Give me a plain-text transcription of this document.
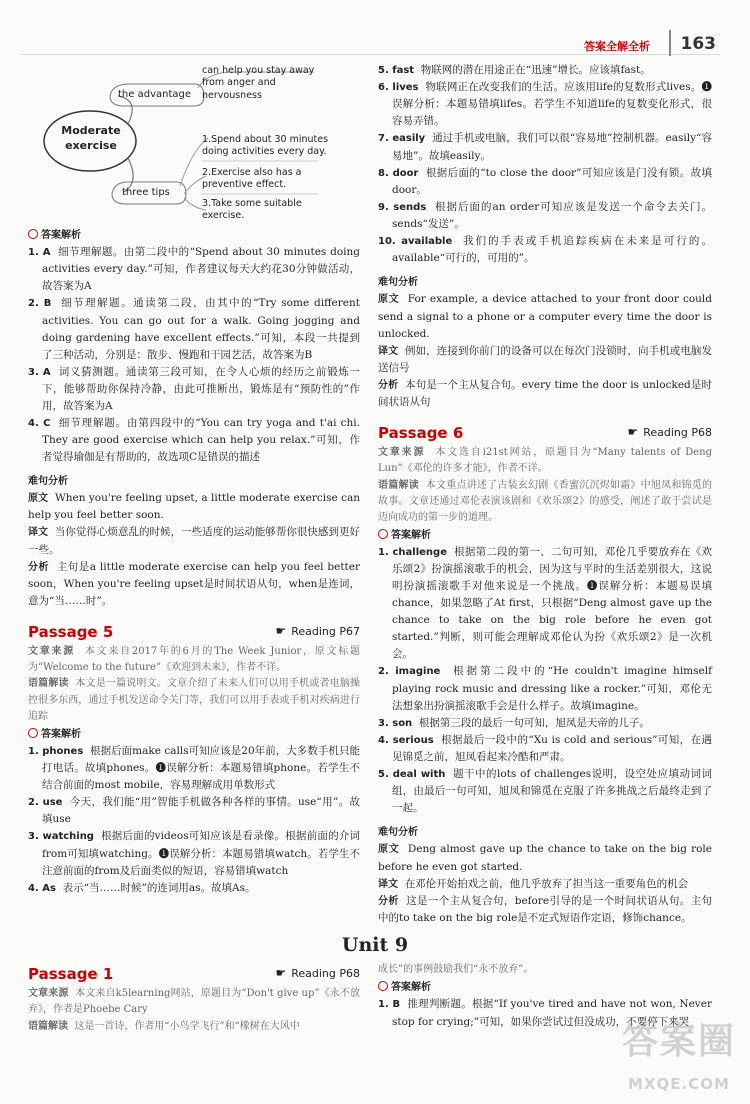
答案全解全析 163
Moderate exercise
the advantage
can help you stay away from anger and nervousness
three tips
1.Spend about 30 minutes doing activities every day.
2.Exercise also has a preventive effect.
3.Take some suitable exercise.
答案解析
1. A 细节理解题。由第二段中的“Spend about 30 minutes doing activities every day.”可知，作者建议每天大约花30分钟做活动，故答案为A
2. B 细节理解题。通读第二段，由其中的“Try some different activities. You can go out for a walk. Going jogging and doing gardening have excellent effects.”可知，本段一共提到了三种活动，分别是：散步、慢跑和干园艺活，故答案为B
3. A 词义猜测题。通读第三段可知，在令人心烦的经历之前锻炼一下，能够帮助你保持冷静，由此可推断出，锻炼是有“预防性的”作用，故答案为A
4. C 细节理解题。由第四段中的“You can try yoga and t'ai chi. They are good exercise which can help you relax.”可知，作者觉得瑜伽是有帮助的，故选项C是错误的描述
难句分析
原文 When you're feeling upset, a little moderate exercise can help you feel better soon.
译文 当你觉得心烦意乱的时候，一些适度的运动能够帮你很快感到更好一些。
分析 主句是a little moderate exercise can help you feel better soon，When you're feeling upset是时间状语从句，when是连词，意为“当……时”。
Passage 5	☛ Reading P67
文章来源 本文来自2017年的6月的The Week Junior，原文标题为“Welcome to the future”《欢迎到未来》，作者不详。
语篇解读 本文是一篇说明文。文章介绍了未来人们可以用手机或者电脑操控很多东西，通过手机发送命令关门等，我们可以用手表或手机对疾病进行追踪
答案解析
1. phones 根据后面make calls可知应该是20年前，大多数手机只能打电话。故填phones。❶误解分析：本题易错填phone。若学生不结合前面的most mobile，容易理解成用单数形式
2. use 今天，我们能“用”智能手机做各种各样的事情。use“用”。故填use
3. watching 根据后面的videos可知应该是看录像。根据前面的介词from可知填watching。❶误解分析：本题易错填watch。若学生不注意前面的from及后面类似的短语，容易错填watch
4. As 表示“当……时候”的连词用as。故填As。
5. fast 物联网的潜在用途正在“迅速”增长。应该填fast。
6. lives 物联网正在改变我们的生活。应该用life的复数形式lives。❶误解分析：本题易错填lifes。若学生不知道life的复数变化形式，很容易弄错。
7. easily 通过手机或电脑，我们可以很“容易地”控制机器。easily“容易地”。故填easily。
8. door 根据后面的“to close the door”可知应该是门没有锁。故填door。
9. sends 根据后面的an order可知应该是发送一个命令去关门。sends“发送”。
10. available 我们的手表或手机追踪疾病在未来是可行的。available“可行的，可用的”。
难句分析
原文 For example, a device attached to your front door could send a signal to a phone or a computer every time the door is unlocked.
译文 例如，连接到你前门的设备可以在每次门没锁时，向手机或电脑发送信号
分析 本句是一个主从复合句。every time the door is unlocked是时间状语从句
Passage 6	☛ Reading P68
文章来源 本文选自i21st网站，原题目为“Many talents of Deng Lun”《邓伦的许多才能》，作者不详。
语篇解读 本文重点讲述了古装玄幻剧《香蜜沉沉烬如霜》中旭凤和锦觅的故事。文章还通过邓伦表演该剧和《欢乐颂2》的感受，阐述了敢于尝试是迈向成功的第一步的道理。
答案解析
1. challenge 根据第二段的第一、二句可知，邓伦几乎要放弃在《欢乐颂2》扮演摇滚歌手的机会，因为这与平时的生活差别很大，这说明扮演摇滚歌手对他来说是一个挑战。❶误解分析：本题易误填chance，如果忽略了At first，只根据“Deng almost gave up the chance to take on the big role before he even got started.”判断，则可能会理解成邓伦认为扮《欢乐颂2》是一次机会。
2. imagine 根据第二段中的“He couldn't imagine himself playing rock music and dressing like a rocker.”可知，邓伦无法想象出扮演摇滚歌手会是什么样子。故填imagine。
3. son 根据第三段的最后一句可知，旭凤是天帝的儿子。
4. serious 根据最后一段中的“Xu is cold and serious”可知，在遇见锦觅之前，旭凤看起来冷酷和严肃。
5. deal with 题干中的lots of challenges说明，设空处应填动词词组，由最后一句可知，旭凤和锦觅在克服了许多挑战之后最终走到了一起。
难句分析
原文 Deng almost gave up the chance to take on the big role before he even got started.
译文 在邓伦开始拍戏之前，他几乎放弃了担当这一重要角色的机会
分析 这是一个主从复合句，before引导的是一个时间状语从句。主句中的to take on the big role是不定式短语作定语，修饰chance。
Unit 9
Passage 1	☛ Reading P68
文章来源 本文来自k5learning网站，原题目为“Don't give up”《永不放弃》，作者是Phoebe Cary
语篇解读 这是一首诗，作者用“小鸟学飞行”和“橡树在大风中
成长”的事例鼓励我们“永不放弃”。
答案解析
1. B 推理判断题。根据“If you've tired and have not won, Never stop for crying;”可知，如果你尝试过但没成功，不要停下来哭
答案圈
MXQE.COM
